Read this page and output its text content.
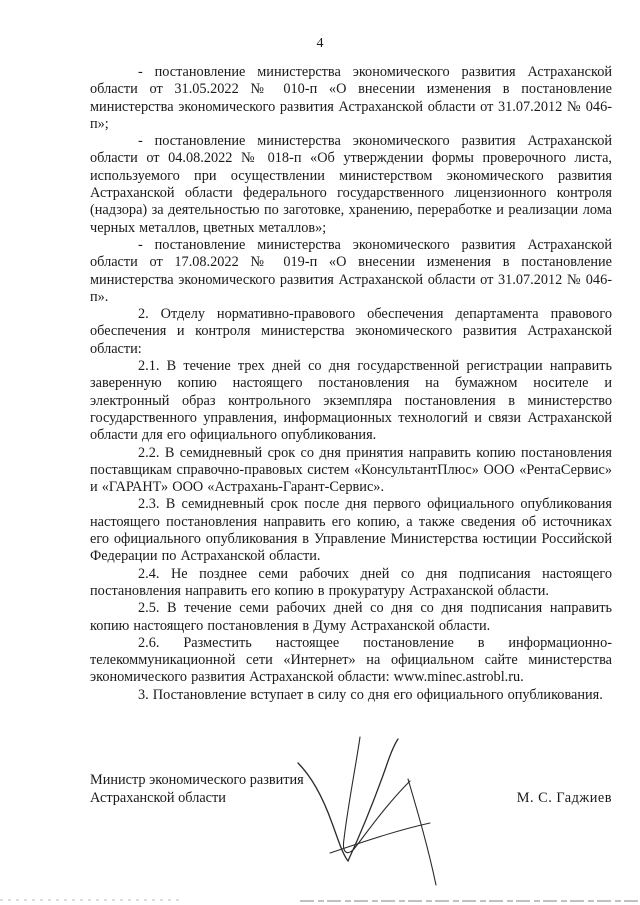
4

- постановление министерства экономического развития Астраханской области от 31.05.2022 № 010-п «О внесении изменения в постановление министерства экономического развития Астраханской области от 31.07.2012 № 046-п»;

- постановление министерства экономического развития Астраханской области от 04.08.2022 № 018-п «Об утверждении формы проверочного листа, используемого при осуществлении министерством экономического развития Астраханской области федерального государственного лицензионного контроля (надзора) за деятельностью по заготовке, хранению, переработке и реализации лома черных металлов, цветных металлов»;

- постановление министерства экономического развития Астраханской области от 17.08.2022 № 019-п «О внесении изменения в постановление министерства экономического развития Астраханской области от 31.07.2012 № 046-п».

2. Отделу нормативно-правового обеспечения департамента правового обеспечения и контроля министерства экономического развития Астраханской области:

2.1. В течение трех дней со дня государственной регистрации направить заверенную копию настоящего постановления на бумажном носителе и электронный образ контрольного экземпляра постановления в министерство государственного управления, информационных технологий и связи Астраханской области для его официального опубликования.

2.2. В семидневный срок со дня принятия направить копию постановления поставщикам справочно-правовых систем «КонсультантПлюс» ООО «РентаСервис» и «ГАРАНТ» ООО «Астрахань-Гарант-Сервис».

2.3. В семидневный срок после дня первого официального опубликования настоящего постановления направить его копию, а также сведения об источниках его официального опубликования в Управление Министерства юстиции Российской Федерации по Астраханской области.

2.4. Не позднее семи рабочих дней со дня подписания настоящего постановления направить его копию в прокуратуру Астраханской области.

2.5. В течение семи рабочих дней со дня со дня подписания направить копию настоящего постановления в Думу Астраханской области.

2.6. Разместить настоящее постановление в информационно-телекоммуникационной сети «Интернет» на официальном сайте министерства экономического развития Астраханской области: www.minec.astrobl.ru.

3. Постановление вступает в силу со дня его официального опубликования.

Министр экономического развития
Астраханской области	М. С. Гаджиев
